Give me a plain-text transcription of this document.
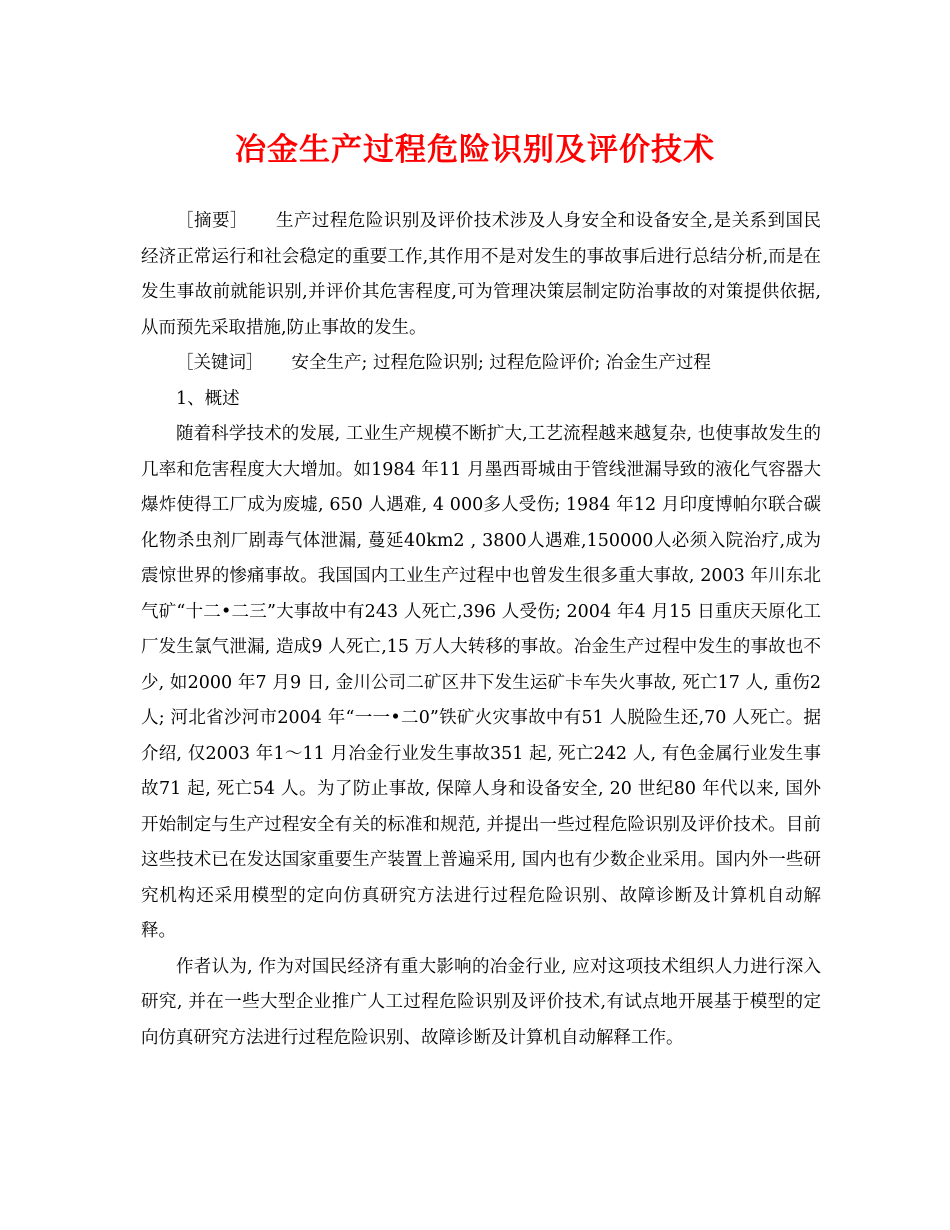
冶金生产过程危险识别及评价技术

［摘要］ 生产过程危险识别及评价技术涉及人身安全和设备安全,是关系到国民经济正常运行和社会稳定的重要工作,其作用不是对发生的事故事后进行总结分析,而是在发生事故前就能识别,并评价其危害程度,可为管理决策层制定防治事故的对策提供依据,从而预先采取措施,防止事故的发生。

［关键词］ 安全生产; 过程危险识别; 过程危险评价; 冶金生产过程

1、概述

随着科学技术的发展, 工业生产规模不断扩大,工艺流程越来越复杂, 也使事故发生的几率和危害程度大大增加。如1984 年11 月墨西哥城由于管线泄漏导致的液化气容器大爆炸使得工厂成为废墟, 650 人遇难, 4 000多人受伤; 1984 年12 月印度博帕尔联合碳化物杀虫剂厂剧毒气体泄漏, 蔓延40km2 , 3800人遇难,150000人必须入院治疗,成为震惊世界的惨痛事故。我国国内工业生产过程中也曾发生很多重大事故, 2003 年川东北气矿“十二•二三”大事故中有243 人死亡,396 人受伤; 2004 年4 月15 日重庆天原化工厂发生氯气泄漏, 造成9 人死亡,15 万人大转移的事故。冶金生产过程中发生的事故也不少, 如2000 年7 月9 日, 金川公司二矿区井下发生运矿卡车失火事故, 死亡17 人, 重伤2 人; 河北省沙河市2004 年“一一•二0”铁矿火灾事故中有51 人脱险生还,70 人死亡。据介绍, 仅2003 年1～11 月冶金行业发生事故351 起, 死亡242 人, 有色金属行业发生事故71 起, 死亡54 人。为了防止事故, 保障人身和设备安全, 20 世纪80 年代以来, 国外开始制定与生产过程安全有关的标准和规范, 并提出一些过程危险识别及评价技术。目前这些技术已在发达国家重要生产装置上普遍采用, 国内也有少数企业采用。国内外一些研究机构还采用模型的定向仿真研究方法进行过程危险识别、故障诊断及计算机自动解释。

作者认为, 作为对国民经济有重大影响的冶金行业, 应对这项技术组织人力进行深入研究, 并在一些大型企业推广人工过程危险识别及评价技术,有试点地开展基于模型的定向仿真研究方法进行过程危险识别、故障诊断及计算机自动解释工作。
